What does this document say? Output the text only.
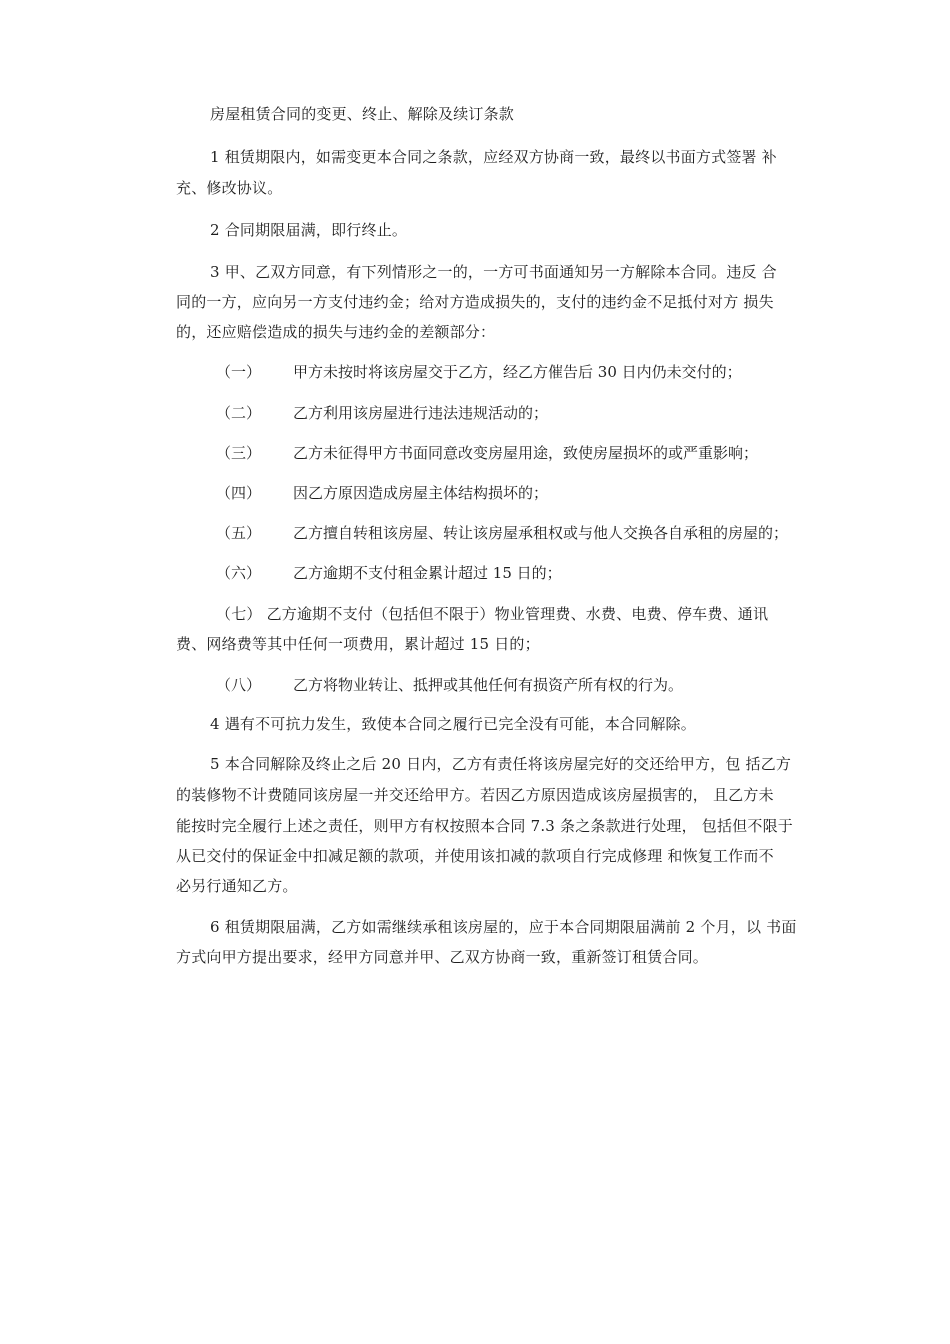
房屋租赁合同的变更、终止、解除及续订条款
1 租赁期限内，如需变更本合同之条款，应经双方协商一致，最终以书面方式签署 补
充、修改协议。
2 合同期限届满，即行终止。
3 甲、乙双方同意，有下列情形之一的，一方可书面通知另一方解除本合同。违反 合
同的一方，应向另一方支付违约金；给对方造成损失的，支付的违约金不足抵付对方 损失
的，还应赔偿造成的损失与违约金的差额部分：
（一） 甲方未按时将该房屋交于乙方，经乙方催告后 30 日内仍未交付的；
（二） 乙方利用该房屋进行违法违规活动的；
（三） 乙方未征得甲方书面同意改变房屋用途，致使房屋损坏的或严重影响；
（四） 因乙方原因造成房屋主体结构损坏的；
（五） 乙方擅自转租该房屋、转让该房屋承租权或与他人交换各自承租的房屋的；
（六） 乙方逾期不支付租金累计超过 15 日的；
（七） 乙方逾期不支付（包括但不限于）物业管理费、水费、电费、停车费、通讯
费、网络费等其中任何一项费用，累计超过 15 日的；
（八） 乙方将物业转让、抵押或其他任何有损资产所有权的行为。
4 遇有不可抗力发生，致使本合同之履行已完全没有可能，本合同解除。
5 本合同解除及终止之后 20 日内，乙方有责任将该房屋完好的交还给甲方，包 括乙方
的装修物不计费随同该房屋一并交还给甲方。若因乙方原因造成该房屋损害的， 且乙方未
能按时完全履行上述之责任，则甲方有权按照本合同 7.3 条之条款进行处理， 包括但不限于
从已交付的保证金中扣减足额的款项，并使用该扣减的款项自行完成修理 和恢复工作而不
必另行通知乙方。
6 租赁期限届满，乙方如需继续承租该房屋的，应于本合同期限届满前 2 个月，以 书面
方式向甲方提出要求，经甲方同意并甲、乙双方协商一致，重新签订租赁合同。
